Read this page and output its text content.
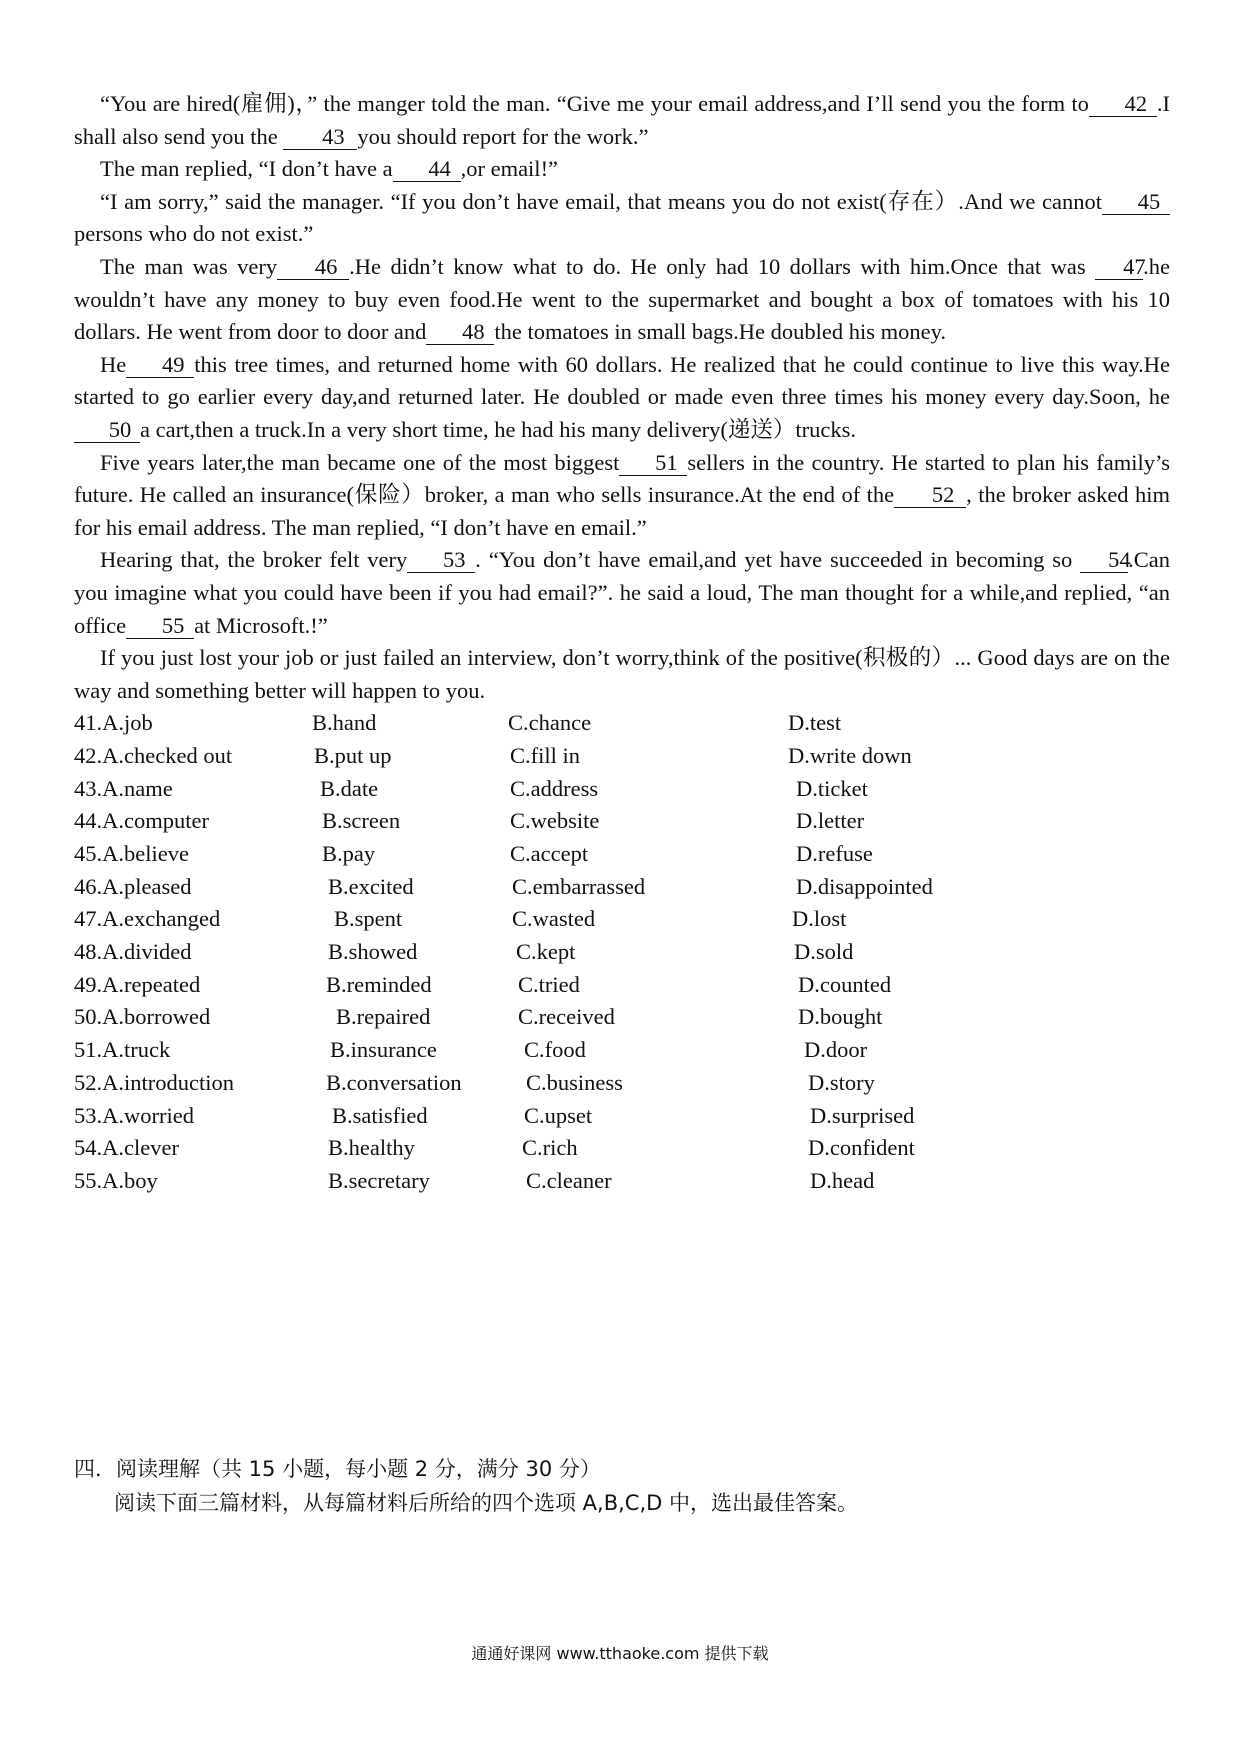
“You are hired(雇佣)，” the manger told the man. “Give me your email address,and I’ll send you the form to 42 .I shall also send you the 43 you should report for the work.”

The man replied, “I don’t have a 44 ,or email!”

“I am sorry,” said the manager. “If you don’t have email, that means you do not exist(存在）.And we cannot 45persons who do not exist.”

The man was very 46 .He didn’t know what to do. He only had 10 dollars with him.Once that was 47.he wouldn’t have any money to buy even food.He went to the supermarket and bought a box of tomatoes with his 10 dollars. He went from door to door and 48 the tomatoes in small bags.He doubled his money.

He 49 this tree times, and returned home with 60 dollars. He realized that he could continue to live this way.He started to go earlier every day,and returned later. He doubled or made even three times his money every day.Soon, he50 a cart,then a truck.In a very short time, he had his many delivery(递送）trucks.

Five years later,the man became one of the most biggest 51 sellers in the country. He started to plan his family’s future. He called an insurance(保险）broker, a man who sells insurance.At the end of the 52 , the broker asked him for his email address. The man replied, “I don’t have en email.”

Hearing that, the broker felt very 53 . “You don’t have email,and yet have succeeded in becoming so 54.Can you imagine what you could have been if you had email?”. he said a loud, The man thought for a while,and replied, “an office 55 at Microsoft.!”

If you just lost your job or just failed an interview, don’t worry,think of the positive(积极的）... Good days are on the way and something better will happen to you.

41.A.job	B.hand	C.chance	D.test
42.A.checked out	B.put up	C.fill in	D.write down
43.A.name	B.date	C.address	D.ticket
44.A.computer	B.screen	C.website	D.letter
45.A.believe	B.pay	C.accept	D.refuse
46.A.pleased	B.excited	C.embarrassed	D.disappointed
47.A.exchanged	B.spent	C.wasted	D.lost
48.A.divided	B.showed	C.kept	D.sold
49.A.repeated	B.reminded	C.tried	D.counted
50.A.borrowed	B.repaired	C.received	D.bought
51.A.truck	B.insurance	C.food	D.door
52.A.introduction	B.conversation	C.business	D.story
53.A.worried	B.satisfied	C.upset	D.surprised
54.A.clever	B.healthy	C.rich	D.confident
55.A.boy	B.secretary	C.cleaner	D.head

四．阅读理解（共 15 小题，每小题 2 分，满分 30 分）

阅读下面三篇材料，从每篇材料后所给的四个选项 A,B,C,D 中，选出最佳答案。

通通好课网 www.tthaoke.com 提供下载
